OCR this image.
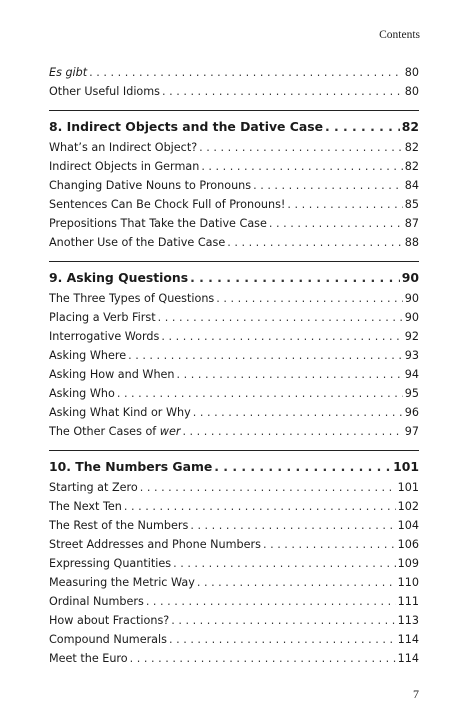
Contents
Es gibt . . .	80
Other Useful Idioms . . .	80
8. Indirect Objects and the Dative Case . . .	82
What’s an Indirect Object? . . .	82
Indirect Objects in German . . .	82
Changing Dative Nouns to Pronouns . . .	84
Sentences Can Be Chock Full of Pronouns! . . .	85
Prepositions That Take the Dative Case . . .	87
Another Use of the Dative Case . . .	88
9. Asking Questions . . .	90
The Three Types of Questions . . .	90
Placing a Verb First . . .	90
Interrogative Words . . .	92
Asking Where . . .	93
Asking How and When . . .	94
Asking Who . . .	95
Asking What Kind or Why . . .	96
The Other Cases of wer . . .	97
10. The Numbers Game . . .	101
Starting at Zero . . .	101
The Next Ten . . .	102
The Rest of the Numbers . . .	104
Street Addresses and Phone Numbers . . .	106
Expressing Quantities . . .	109
Measuring the Metric Way . . .	110
Ordinal Numbers . . .	111
How about Fractions? . . .	113
Compound Numerals . . .	114
Meet the Euro . . .	114
7
